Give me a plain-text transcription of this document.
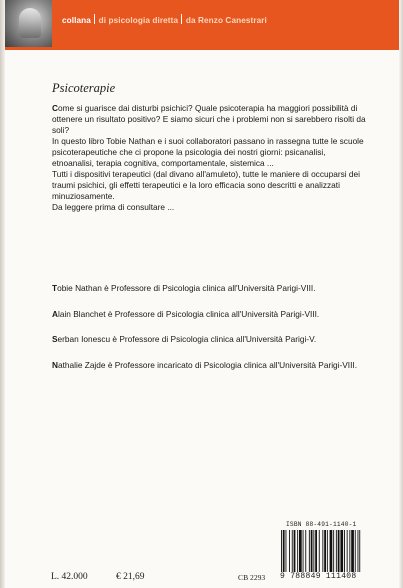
collana di psicologia diretta da Renzo Canestrari
Psicoterapie

Come si guarisce dai disturbi psichici? Quale psicoterapia ha maggiori possibilità di ottenere un risultato positivo? E siamo sicuri che i problemi non si sarebbero risolti da soli?

In questo libro Tobie Nathan e i suoi collaboratori passano in rassegna tutte le scuole psicoterapeutiche che ci propone la psicologia dei nostri giorni: psicanalisi, etnoanalisi, terapia cognitiva, comportamentale, sistemica ...

Tutti i dispositivi terapeutici (dal divano all'amuleto), tutte le maniere di occuparsi dei traumi psichici, gli effetti terapeutici e la loro efficacia sono descritti e analizzati minuziosamente.

Da leggere prima di consultare ...

Tobie Nathan è Professore di Psicologia clinica all'Università Parigi-VIII.

Alain Blanchet è Professore di Psicologia clinica all'Università Parigi-VIII.

Serban Ionescu è Professore di Psicologia clinica all'Università Parigi-V.

Nathalie Zajde è Professore incaricato di Psicologia clinica all'Università Parigi-VIII.

ISBN 88-491-1140-1
9 788849 111408
L. 42.000	€ 21,69	CB 2293
